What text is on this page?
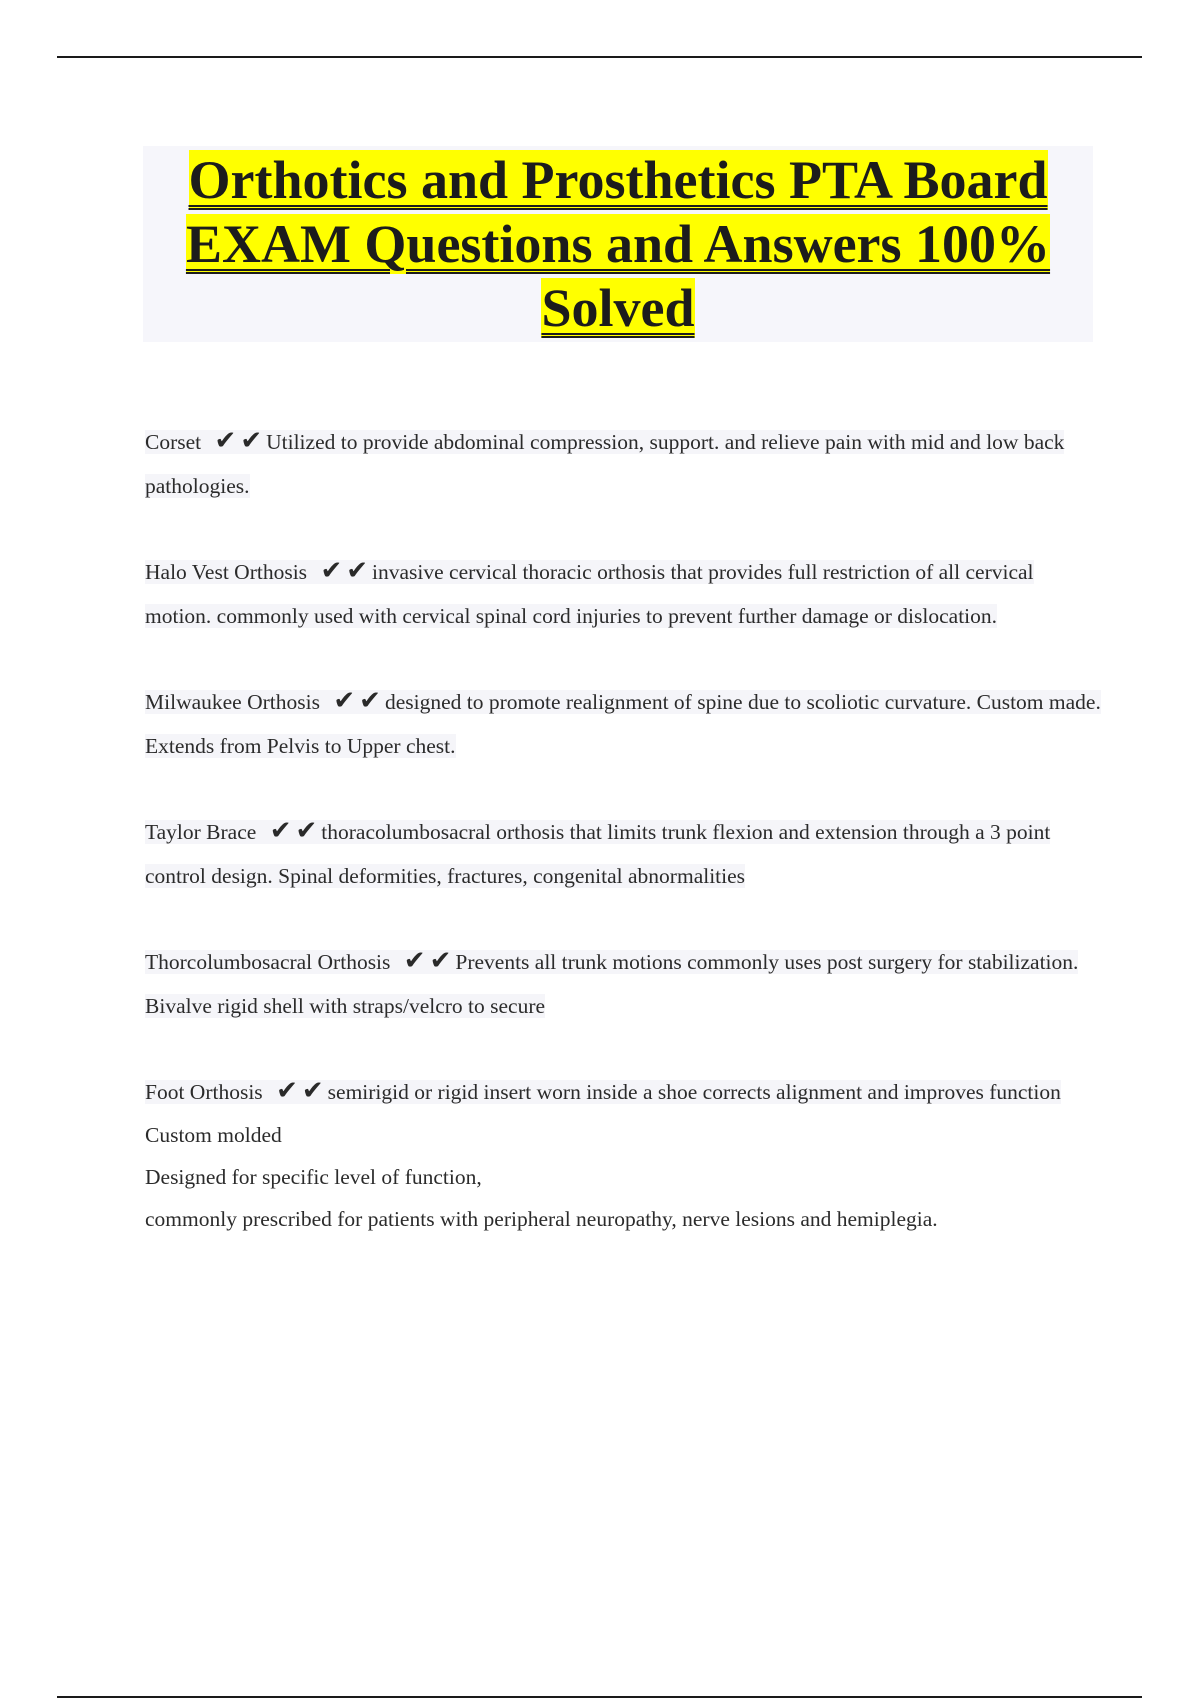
Orthotics and Prosthetics PTA Board EXAM Questions and Answers 100% Solved
Corset ✔ ✔ Utilized to provide abdominal compression, support. and relieve pain with mid and low back pathologies.
Halo Vest Orthosis ✔ ✔ invasive cervical thoracic orthosis that provides full restriction of all cervical motion. commonly used with cervical spinal cord injuries to prevent further damage or dislocation.
Milwaukee Orthosis ✔ ✔ designed to promote realignment of spine due to scoliotic curvature. Custom made. Extends from Pelvis to Upper chest.
Taylor Brace ✔ ✔ thoracolumbosacral orthosis that limits trunk flexion and extension through a 3 point control design. Spinal deformities, fractures, congenital abnormalities
Thorcolumbosacral Orthosis ✔ ✔ Prevents all trunk motions commonly uses post surgery for stabilization. Bivalve rigid shell with straps/velcro to secure
Foot Orthosis ✔ ✔ semirigid or rigid insert worn inside a shoe corrects alignment and improves function
Custom molded
Designed for specific level of function,
commonly prescribed for patients with peripheral neuropathy, nerve lesions and hemiplegia.
